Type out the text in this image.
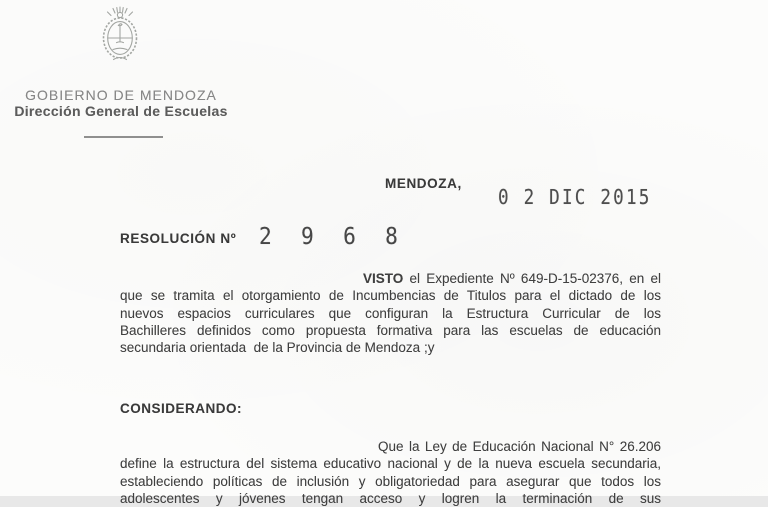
GOBIERNO DE MENDOZA
Dirección General de Escuelas
MENDOZA,
0 2 DIC 2015
RESOLUCIÓN Nº 2 9 6 8
VISTO el Expediente Nº 649-D-15-02376, en el
que se tramita el otorgamiento de Incumbencias de Titulos para el dictado de los
nuevos espacios curriculares que configuran la Estructura Curricular de los
Bachilleres definidos como propuesta formativa para las escuelas de educación
secundaria orientada  de la Provincia de Mendoza ;y
CONSIDERANDO:
Que la Ley de Educación Nacional N° 26.206
define la estructura del sistema educativo nacional y de la nueva escuela secundaria,
estableciendo políticas de inclusión y obligatoriedad para asegurar que todos los
adolescentes y jóvenes tengan acceso y logren la terminación de sus
